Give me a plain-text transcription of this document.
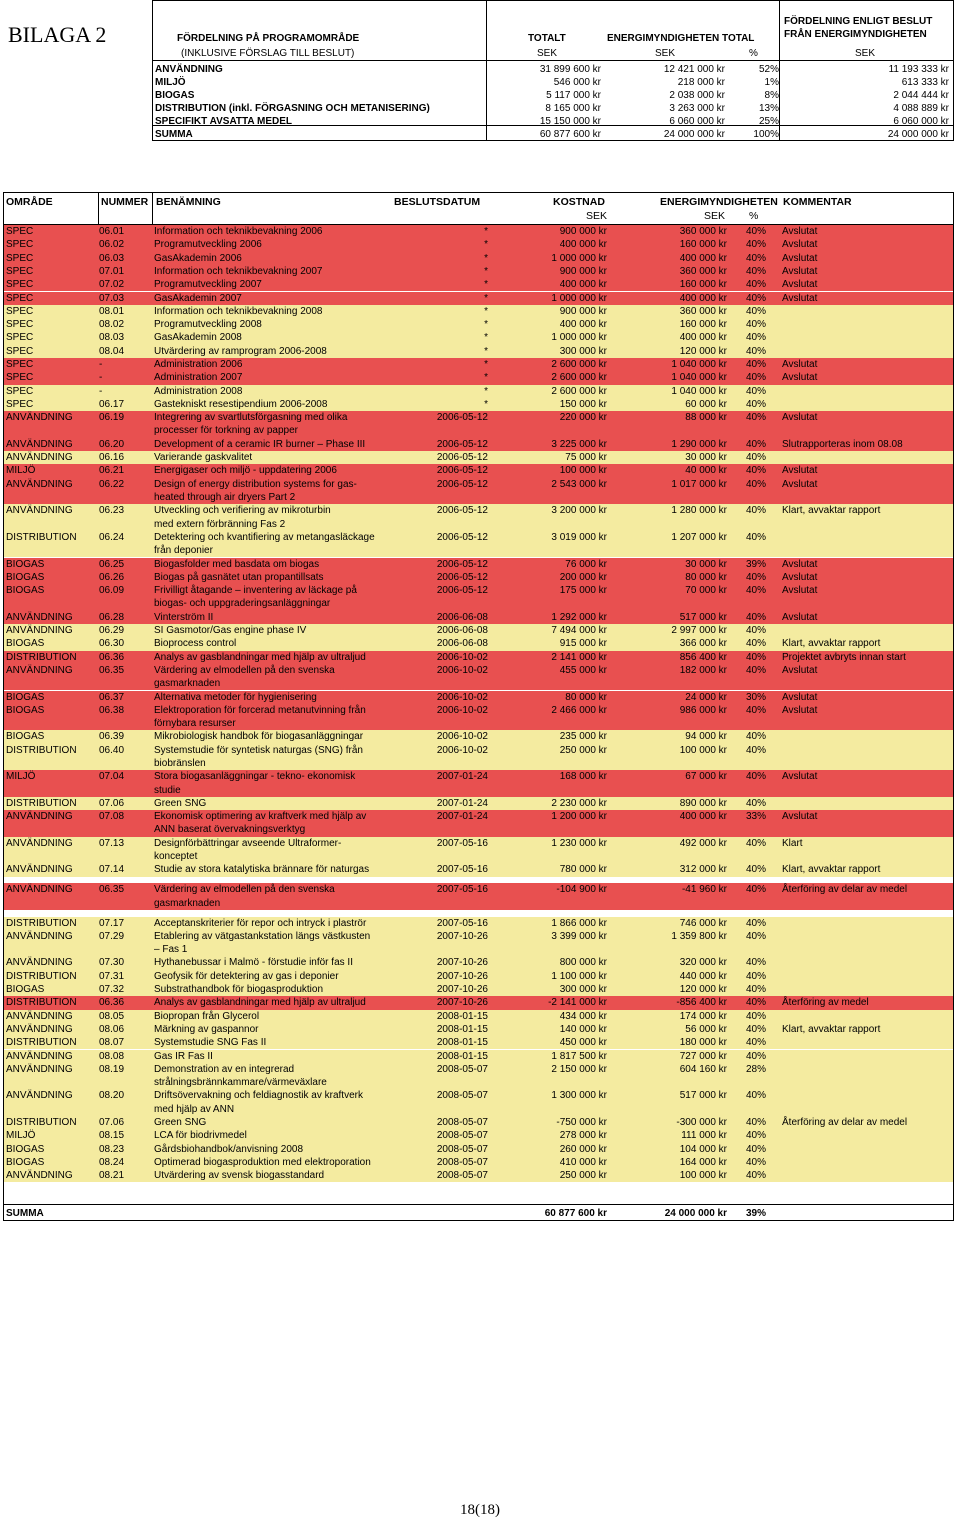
BILAGA 2	FÖRDELNING PÅ PROGRAMOMRÅDE
(INKLUSIVE FÖRSLAG TILL BESLUT)
TOTALT	ENERGIMYNDIGHETEN TOTAL
FÖRDELNING ENLIGT BESLUT
FRÅN ENERGIMYNDIGHETEN
SEK	SEK	%	SEK
ANVÄNDNING	31 899 600 kr	12 421 000 kr	52%	11 193 333 kr
MILJÖ	546 000 kr	218 000 kr	1%	613 333 kr
BIOGAS	5 117 000 kr	2 038 000 kr	8%	2 044 444 kr
DISTRIBUTION (inkl. FÖRGASNING OCH METANISERING)	8 165 000 kr	3 263 000 kr	13%	4 088 889 kr
SPECIFIKT AVSATTA MEDEL	15 150 000 kr	6 060 000 kr	25%	6 060 000 kr
SUMMA	60 877 600 kr	24 000 000 kr	100%	24 000 000 kr
OMRÅDE	NUMMER BENÄMNING	BESLUTSDATUM	KOSTNAD	ENERGIMYNDIGHETEN KOMMENTAR
SEK	SEK %
SPEC	06.01	Information och teknikbevakning 2006	*	900 000 kr	360 000 kr 40% Avslutat
SPEC	06.02	Programutveckling 2006	*	400 000 kr	160 000 kr 40% Avslutat
SPEC	06.03	GasAkademin 2006	*	1 000 000 kr	400 000 kr 40% Avslutat
SPEC	07.01	Information och teknikbevakning 2007	*	900 000 kr	360 000 kr 40% Avslutat
SPEC	07.02	Programutveckling 2007	*	400 000 kr	160 000 kr 40% Avslutat
SPEC	07.03	GasAkademin 2007	*	1 000 000 kr	400 000 kr 40% Avslutat
SPEC	08.01	Information och teknikbevakning 2008	*	900 000 kr	360 000 kr 40%
SPEC	08.02	Programutveckling 2008	*	400 000 kr	160 000 kr 40%
SPEC	08.03	GasAkademin 2008	*	1 000 000 kr	400 000 kr 40%
SPEC	08.04	Utvärdering av ramprogram 2006-2008	*	300 000 kr	120 000 kr 40%
SPEC	-	Administration 2006	*	2 600 000 kr	1 040 000 kr 40% Avslutat
SPEC	-	Administration 2007	*	2 600 000 kr	1 040 000 kr 40% Avslutat
SPEC	-	Administration 2008	*	2 600 000 kr	1 040 000 kr 40%
SPEC	06.17	Gastekniskt resestipendium 2006-2008	*	150 000 kr	60 000 kr 40%
ANVÄNDNING	06.19	Integrering av svartlutsförgasning med olika	2006-05-12	220 000 kr	88 000 kr 40% Avslutat
processer för torkning av papper
ANVÄNDNING	06.20	Development of a ceramic IR burner – Phase III	2006-05-12	3 225 000 kr	1 290 000 kr 40% Slutrapporteras inom 08.08
ANVÄNDNING	06.16	Varierande gaskvalitet	2006-05-12	75 000 kr	30 000 kr 40%
MILJÖ	06.21	Energigaser och miljö - uppdatering 2006	2006-05-12	100 000 kr	40 000 kr 40% Avslutat
ANVÄNDNING	06.22	Design of energy distribution systems for gas-	2006-05-12	2 543 000 kr	1 017 000 kr 40% Avslutat
heated through air dryers Part 2
ANVÄNDNING	06.23	Utveckling och verifiering av mikroturbin	2006-05-12	3 200 000 kr	1 280 000 kr 40% Klart, avvaktar rapport
med extern förbränning Fas 2
DISTRIBUTION 06.24	Detektering och kvantifiering av metangasläckage	2006-05-12	3 019 000 kr	1 207 000 kr 40%
från deponier
BIOGAS	06.25	Biogasfolder med basdata om biogas	2006-05-12	76 000 kr	30 000 kr 39% Avslutat
BIOGAS	06.26	Biogas på gasnätet utan propantillsats	2006-05-12	200 000 kr	80 000 kr 40% Avslutat
BIOGAS	06.09	Frivilligt åtagande – inventering av läckage på	2006-05-12	175 000 kr	70 000 kr 40% Avslutat
biogas- och uppgraderingsanläggningar
ANVÄNDNING	06.28	Vinterström II	2006-06-08	1 292 000 kr	517 000 kr 40% Avslutat
ANVÄNDNING	06.29	SI Gasmotor/Gas engine phase IV	2006-06-08	7 494 000 kr	2 997 000 kr 40%
BIOGAS	06.30	Bioprocess control	2006-06-08	915 000 kr	366 000 kr 40% Klart, avvaktar rapport
DISTRIBUTION 06.36	Analys av gasblandningar med hjälp av ultraljud	2006-10-02	2 141 000 kr	856 400 kr 40% Projektet avbryts innan start
ANVÄNDNING	06.35	Värdering av elmodellen på den svenska	2006-10-02	455 000 kr	182 000 kr 40% Avslutat
gasmarknaden
BIOGAS	06.37	Alternativa metoder för hygienisering	2006-10-02	80 000 kr	24 000 kr 30% Avslutat
BIOGAS	06.38	Elektroporation för forcerad metanutvinning från	2006-10-02	2 466 000 kr	986 000 kr 40% Avslutat
förnybara resurser
BIOGAS	06.39	Mikrobiologisk handbok för biogasanläggningar	2006-10-02	235 000 kr	94 000 kr 40%
DISTRIBUTION 06.40	Systemstudie för syntetisk naturgas (SNG) från	2006-10-02	250 000 kr	100 000 kr 40%
biobränslen
MILJÖ	07.04	Stora biogasanläggningar - tekno- ekonomisk	2007-01-24	168 000 kr	67 000 kr 40% Avslutat
studie
DISTRIBUTION 07.06	Green SNG	2007-01-24	2 230 000 kr	890 000 kr 40%
ANVÄNDNING	07.08	Ekonomisk optimering av kraftverk med hjälp av	2007-01-24	1 200 000 kr	400 000 kr 33% Avslutat
ANN baserat övervakningsverktyg
ANVÄNDNING	07.13	Designförbättringar avseende Ultraformer-	2007-05-16	1 230 000 kr	492 000 kr 40% Klart
konceptet
ANVÄNDNING	07.14	Studie av stora katalytiska brännare för naturgas	2007-05-16	780 000 kr	312 000 kr 40% Klart, avvaktar rapport
ANVÄNDNING	06.35	Värdering av elmodellen på den svenska	2007-05-16	-104 900 kr	-41 960 kr 40% Återföring av delar av medel
gasmarknaden
DISTRIBUTION 07.17	Acceptanskriterier för repor och intryck i plaströr	2007-05-16	1 866 000 kr	746 000 kr 40%
ANVÄNDNING	07.29	Etablering av vätgastankstation längs västkusten	2007-10-26	3 399 000 kr	1 359 800 kr 40%
– Fas 1
ANVÄNDNING	07.30	Hythanebussar i Malmö - förstudie inför fas II	2007-10-26	800 000 kr	320 000 kr 40%
DISTRIBUTION 07.31	Geofysik för detektering av gas i deponier	2007-10-26	1 100 000 kr	440 000 kr 40%
BIOGAS	07.32	Substrathandbok för biogasproduktion	2007-10-26	300 000 kr	120 000 kr 40%
DISTRIBUTION 06.36	Analys av gasblandningar med hjälp av ultraljud	2007-10-26	-2 141 000 kr	-856 400 kr 40% Återföring av medel
ANVÄNDNING	08.05	Biopropan från Glycerol	2008-01-15	434 000 kr	174 000 kr 40%
ANVÄNDNING	08.06	Märkning av gaspannor	2008-01-15	140 000 kr	56 000 kr 40% Klart, avvaktar rapport
DISTRIBUTION 08.07	Systemstudie SNG Fas II	2008-01-15	450 000 kr	180 000 kr 40%
ANVÄNDNING	08.08	Gas IR Fas II	2008-01-15	1 817 500 kr	727 000 kr 40%
ANVÄNDNING	08.19	Demonstration av en integrerad	2008-05-07	2 150 000 kr	604 160 kr 28%
strålningsbrännkammare/värmeväxlare
ANVÄNDNING	08.20	Driftsövervakning och feldiagnostik av kraftverk	2008-05-07	1 300 000 kr	517 000 kr 40%
med hjälp av ANN
DISTRIBUTION 07.06	Green SNG	2008-05-07	-750 000 kr	-300 000 kr 40% Återföring av delar av medel
MILJÖ	08.15	LCA för biodrivmedel	2008-05-07	278 000 kr	111 000 kr 40%
BIOGAS	08.23	Gårdsbiohandbok/anvisning 2008	2008-05-07	260 000 kr	104 000 kr 40%
BIOGAS	08.24	Optimerad biogasproduktion med elektroporation	2008-05-07	410 000 kr	164 000 kr 40%
ANVÄNDNING	08.21	Utvärdering av svensk biogasstandard	2008-05-07	250 000 kr	100 000 kr 40%
SUMMA	60 877 600 kr	24 000 000 kr 39%
18(18)
